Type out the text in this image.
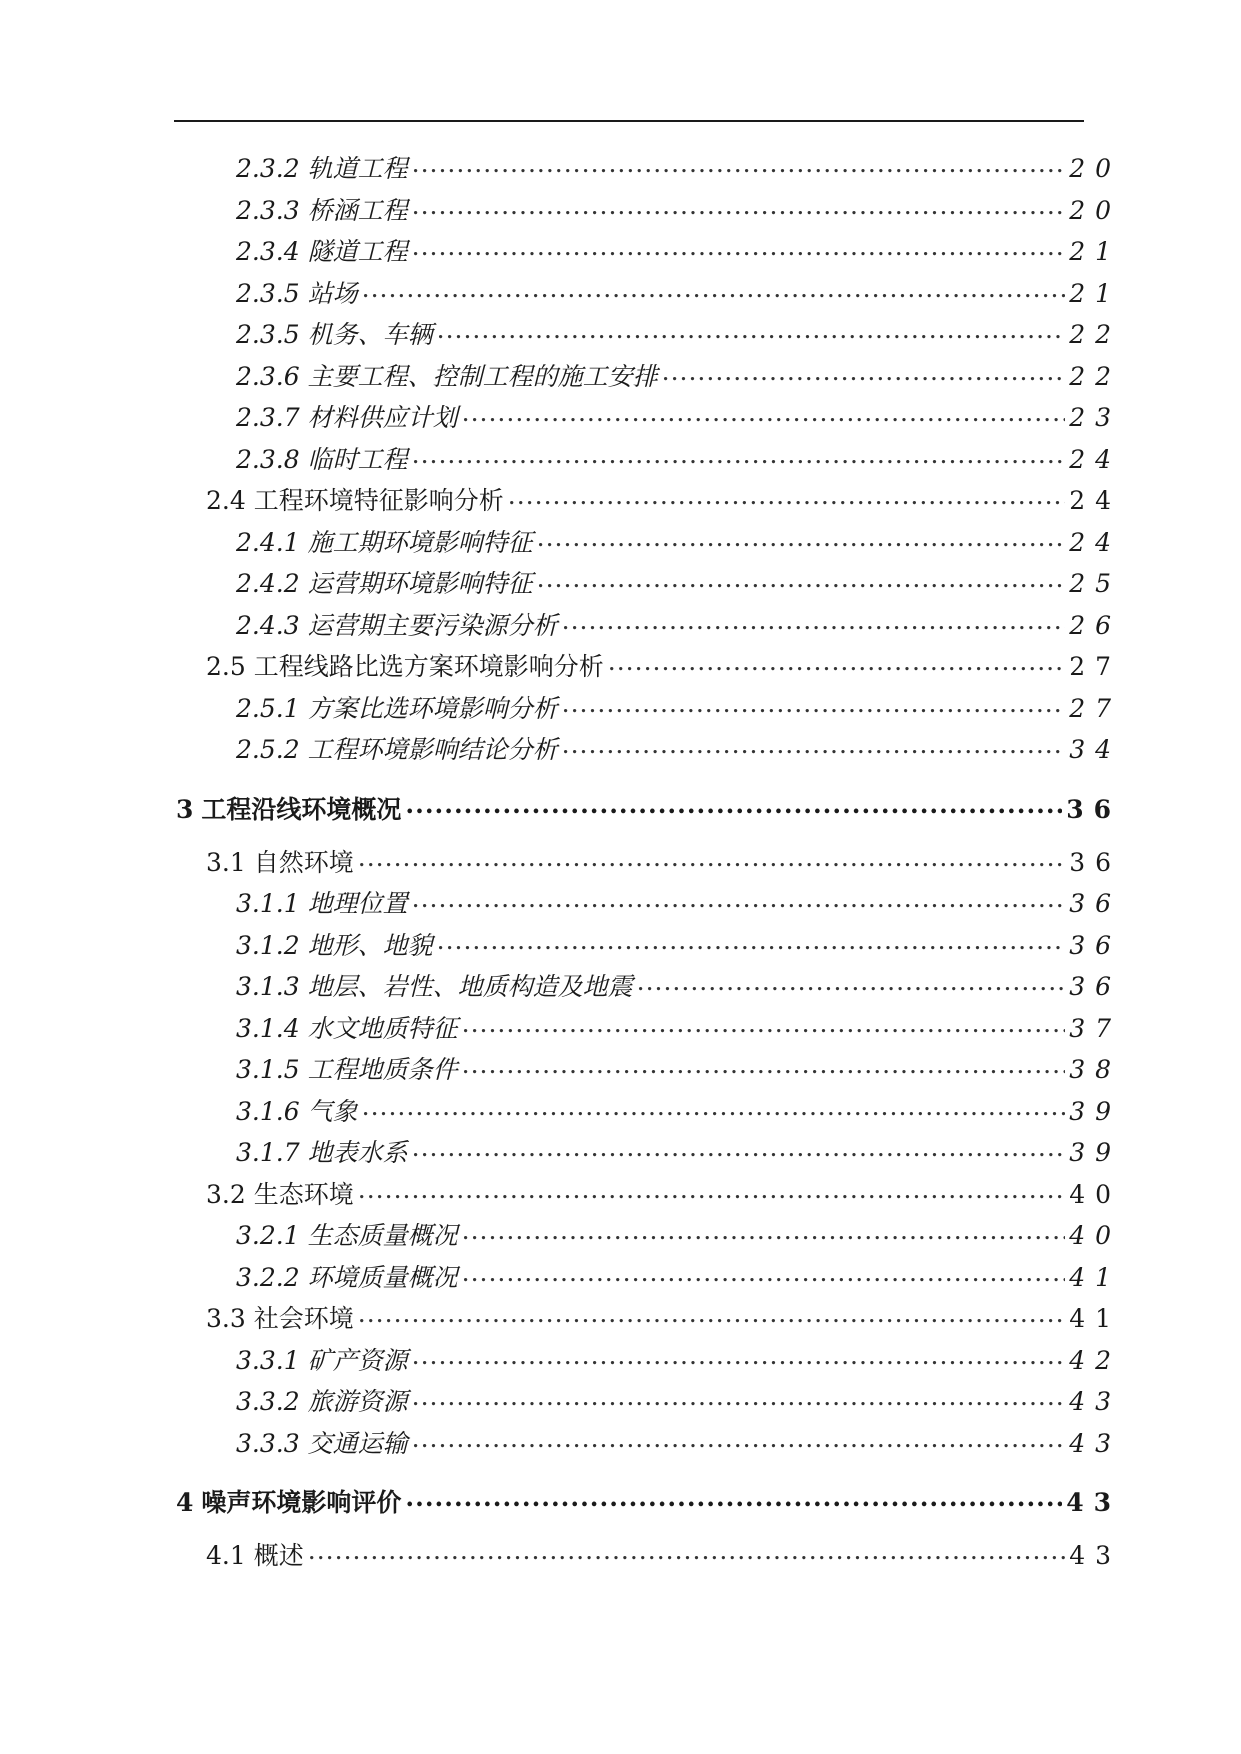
2.3.2 轨道工程 .....	20
2.3.3 桥涵工程 .....	20
2.3.4 隧道工程 .....	21
2.3.5 站场 .....	21
2.3.5 机务、车辆 .....	22
2.3.6 主要工程、控制工程的施工安排 .....	22
2.3.7 材料供应计划 .....	23
2.3.8 临时工程 .....	24
2.4 工程环境特征影响分析 .....	24
2.4.1 施工期环境影响特征 .....	24
2.4.2 运营期环境影响特征 .....	25
2.4.3 运营期主要污染源分析 .....	26
2.5 工程线路比选方案环境影响分析 .....	27
2.5.1 方案比选环境影响分析 .....	27
2.5.2 工程环境影响结论分析 .....	34
3 工程沿线环境概况 .....	36
3.1 自然环境 .....	36
3.1.1 地理位置 .....	36
3.1.2 地形、地貌 .....	36
3.1.3 地层、岩性、地质构造及地震 .....	36
3.1.4 水文地质特征 .....	37
3.1.5 工程地质条件 .....	38
3.1.6 气象 .....	39
3.1.7 地表水系 .....	39
3.2 生态环境 .....	40
3.2.1 生态质量概况 .....	40
3.2.2 环境质量概况 .....	41
3.3 社会环境 .....	41
3.3.1 矿产资源 .....	42
3.3.2 旅游资源 .....	43
3.3.3 交通运输 .....	43
4 噪声环境影响评价 .....	43
4.1 概述 .....	43
